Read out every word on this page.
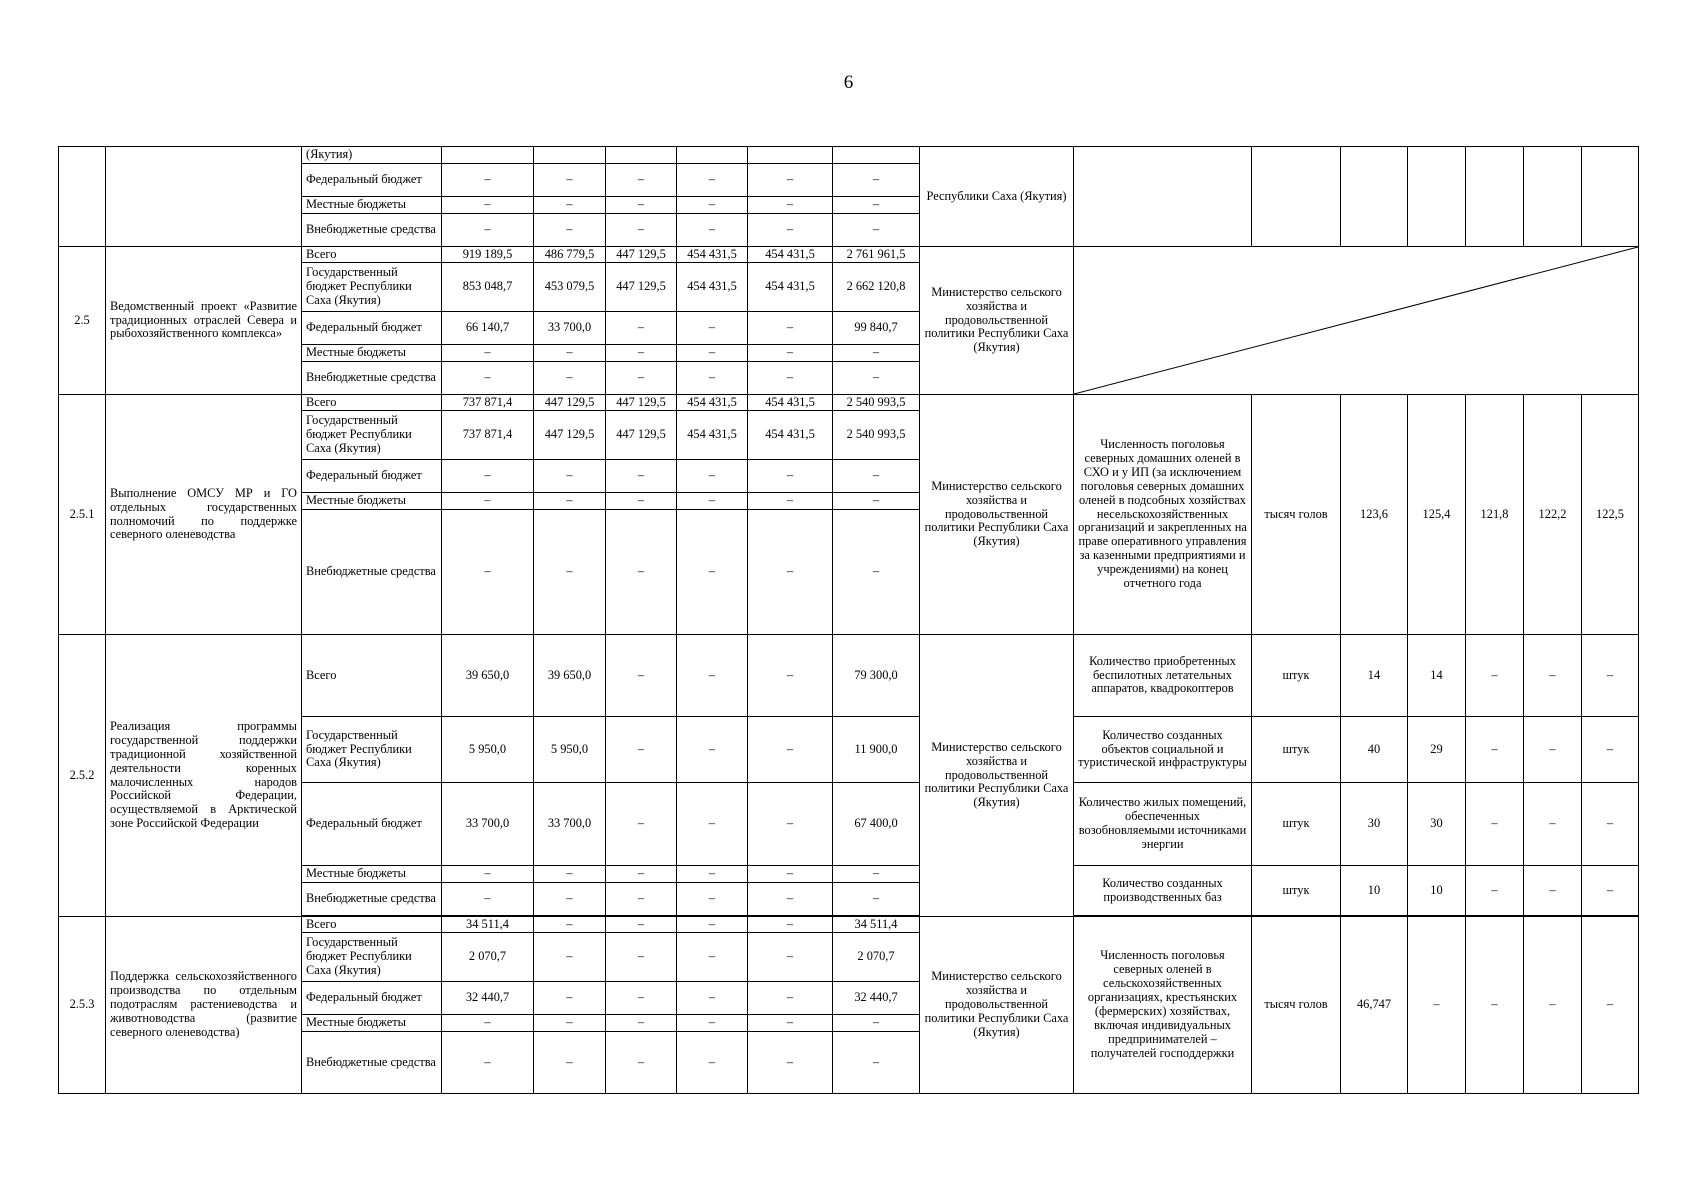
6
		(Якутия)							Республики Саха (Якутия)							
		Федеральный бюджет	–	–	–	–	–	–								
		Местные бюджеты	–	–	–	–	–	–								
		Внебюджетные средства	–	–	–	–	–	–								
2.5	Ведомственный проект «Развитие традиционных отраслей Севера и рыбохозяйственного комплекса»	Всего	919 189,5	486 779,5	447 129,5	454 431,5	454 431,5	2 761 961,5	Министерство сельского хозяйства и продовольственной политики Республики Саха (Якутия)	

		Государственный бюджет Республики Саха (Якутия)	853 048,7	453 079,5	447 129,5	454 431,5	454 431,5	2 662 120,8								
		Федеральный бюджет	66 140,7	33 700,0	–	–	–	99 840,7								
		Местные бюджеты	–	–	–	–	–	–								
		Внебюджетные средства	–	–	–	–	–	–								
2.5.1	Выполнение ОМСУ МР и ГО отдельных государственных полномочий по поддержке северного оленеводства	Всего	737 871,4	447 129,5	447 129,5	454 431,5	454 431,5	2 540 993,5	Министерство сельского хозяйства и продовольственной политики Республики Саха (Якутия)	Численность поголовья северных домашних оленей в СХО и у ИП (за исключением поголовья северных домашних оленей в подсобных хозяйствах несельскохозяйственных организаций и закрепленных на праве оперативного управления за казенными предприятиями и учреждениями) на конец отчетного года	тысяч голов	123,6	125,4	121,8	122,2	122,5
		Государственный бюджет Республики Саха (Якутия)	737 871,4	447 129,5	447 129,5	454 431,5	454 431,5	2 540 993,5								
		Федеральный бюджет	–	–	–	–	–	–								
		Местные бюджеты	–	–	–	–	–	–								
		Внебюджетные средства	–	–	–	–	–	–								
2.5.2	Реализация программы государственной поддержки традиционной хозяйственной деятельности коренных малочисленных народов Российской Федерации, осуществляемой в Арктической зоне Российской Федерации	Всего	39 650,0	39 650,0	–	–	–	79 300,0	Министерство сельского хозяйства и продовольственной политики Республики Саха (Якутия)	Количество приобретенных беспилотных летательных аппаратов, квадрокоптеров	штук	14	14	–	–	–
		Государственный бюджет Республики Саха (Якутия)	5 950,0	5 950,0	–	–	–	11 900,0		Количество созданных объектов социальной и туристической инфраструктуры	штук	40	29	–	–	–
		Федеральный бюджет	33 700,0	33 700,0	–	–	–	67 400,0		Количество жилых помещений, обеспеченных возобновляемыми источниками энергии	штук	30	30	–	–	–
		Местные бюджеты	–	–	–	–	–	–		Количество созданных производственных баз	штук	10	10	–	–	–
		Внебюджетные средства	–	–	–	–	–	–								

2.5.3	Поддержка сельскохозяйственного производства по отдельным подотраслям растениеводства и животноводства (развитие северного оленеводства)	Всего	34 511,4	–	–	–	–	34 511,4	Министерство сельского хозяйства и продовольственной политики Республики Саха (Якутия)	Численность поголовья северных оленей в сельскохозяйственных организациях, крестьянских (фермерских) хозяйствах, включая индивидуальных предпринимателей – получателей господдержки	тысяч голов	46,747	–	–	–	–
		Государственный бюджет Республики Саха (Якутия)	2 070,7	–	–	–	–	2 070,7								
		Федеральный бюджет	32 440,7	–	–	–	–	32 440,7								
		Местные бюджеты	–	–	–	–	–	–								
		Внебюджетные средства	–	–	–	–	–	–								
